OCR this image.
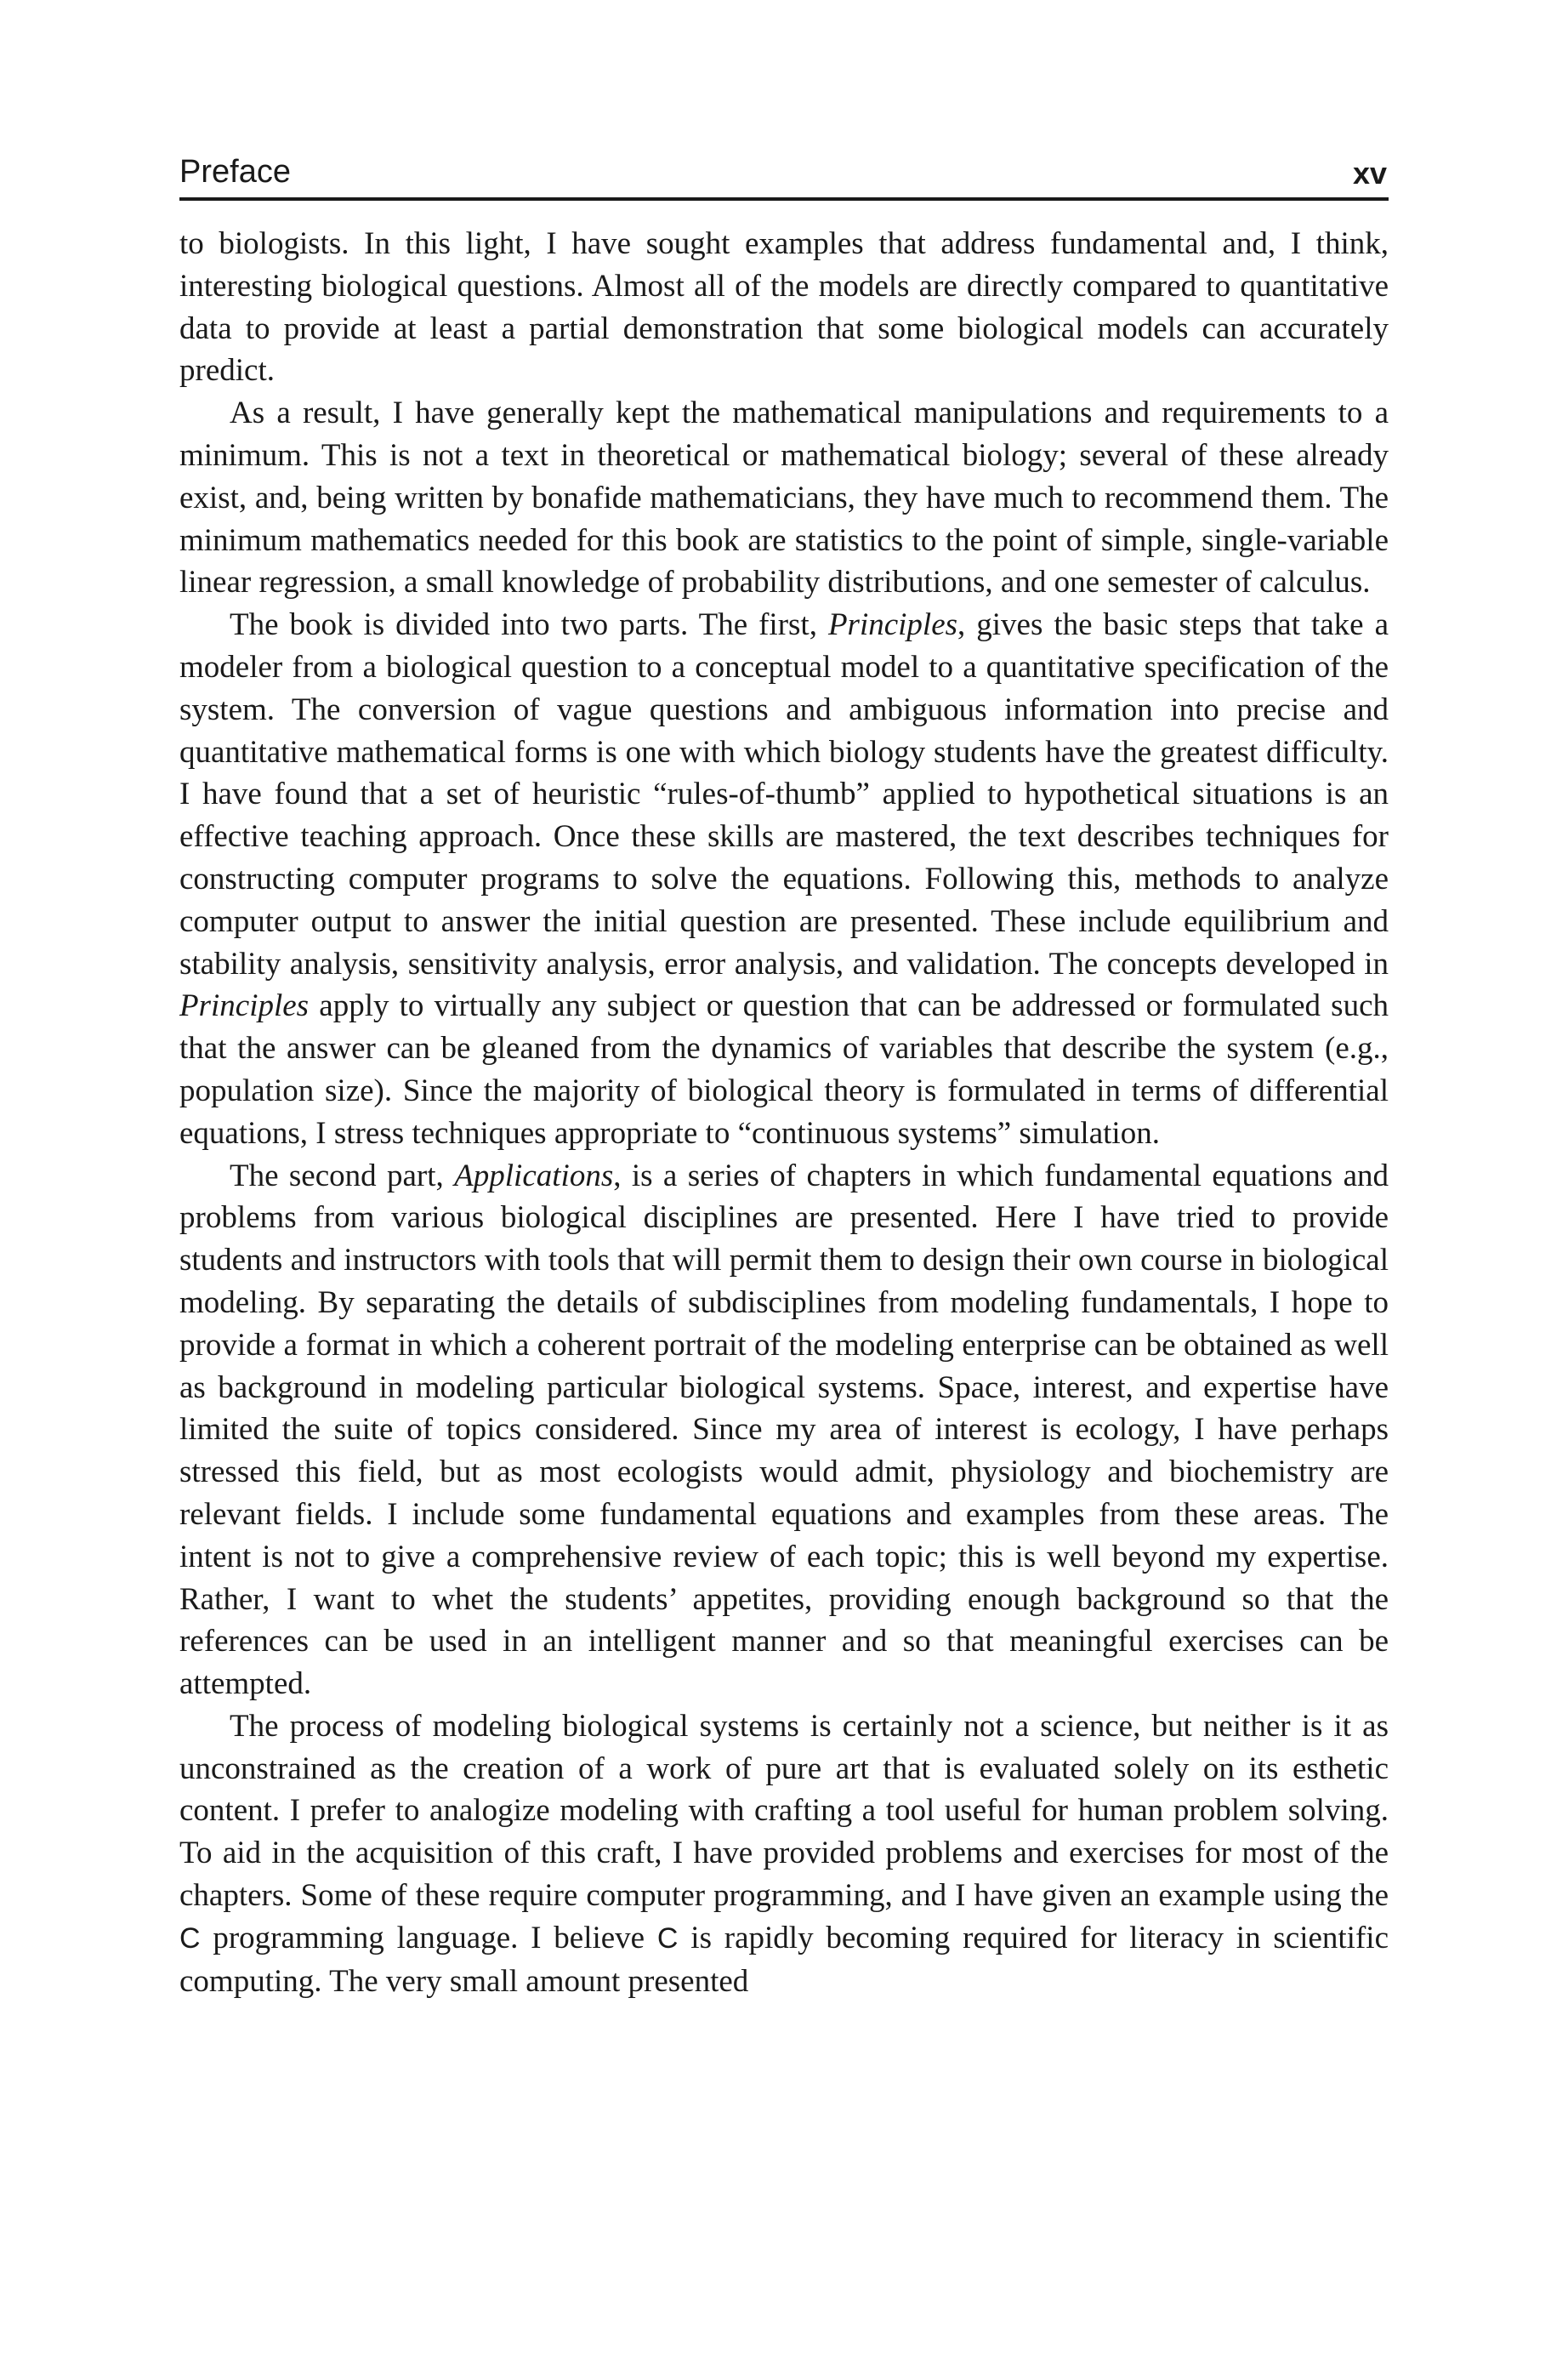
Preface	xv

to biologists. In this light, I have sought examples that address fundamental and, I think, interesting biological questions. Almost all of the models are directly compared to quantitative data to provide at least a partial demonstration that some biological models can accurately predict.

As a result, I have generally kept the mathematical manipulations and requirements to a minimum. This is not a text in theoretical or mathematical biology; several of these already exist, and, being written by bonafide mathematicians, they have much to recommend them. The minimum mathematics needed for this book are statistics to the point of simple, single-variable linear regression, a small knowledge of probability distributions, and one semester of calculus.

The book is divided into two parts. The first, Principles, gives the basic steps that take a modeler from a biological question to a conceptual model to a quantitative specification of the system. The conversion of vague questions and ambiguous information into precise and quantitative mathematical forms is one with which biology students have the greatest difficulty. I have found that a set of heuristic “rules-of-thumb” applied to hypothetical situations is an effective teaching approach. Once these skills are mastered, the text describes techniques for constructing computer programs to solve the equations. Following this, methods to analyze computer output to answer the initial question are presented. These include equilibrium and stability analysis, sensitivity analysis, error analysis, and validation. The concepts developed in Principles apply to virtually any subject or question that can be addressed or formulated such that the answer can be gleaned from the dynamics of variables that describe the system (e.g., population size). Since the majority of biological theory is formulated in terms of differential equations, I stress techniques appropriate to “continuous systems” simulation.

The second part, Applications, is a series of chapters in which fundamental equations and problems from various biological disciplines are presented. Here I have tried to provide students and instructors with tools that will permit them to design their own course in biological modeling. By separating the details of subdisciplines from modeling fundamentals, I hope to provide a format in which a coherent portrait of the modeling enterprise can be obtained as well as background in modeling particular biological systems. Space, interest, and expertise have limited the suite of topics considered. Since my area of interest is ecology, I have perhaps stressed this field, but as most ecologists would admit, physiology and biochemistry are relevant fields. I include some fundamental equations and examples from these areas. The intent is not to give a comprehensive review of each topic; this is well beyond my expertise. Rather, I want to whet the students’ appetites, providing enough background so that the references can be used in an intelligent manner and so that meaningful exercises can be attempted.

The process of modeling biological systems is certainly not a science, but neither is it as unconstrained as the creation of a work of pure art that is evaluated solely on its esthetic content. I prefer to analogize modeling with crafting a tool useful for human problem solving. To aid in the acquisition of this craft, I have provided problems and exercises for most of the chapters. Some of these require computer programming, and I have given an example using the C programming language. I believe C is rapidly becoming required for literacy in scientific computing. The very small amount presented
